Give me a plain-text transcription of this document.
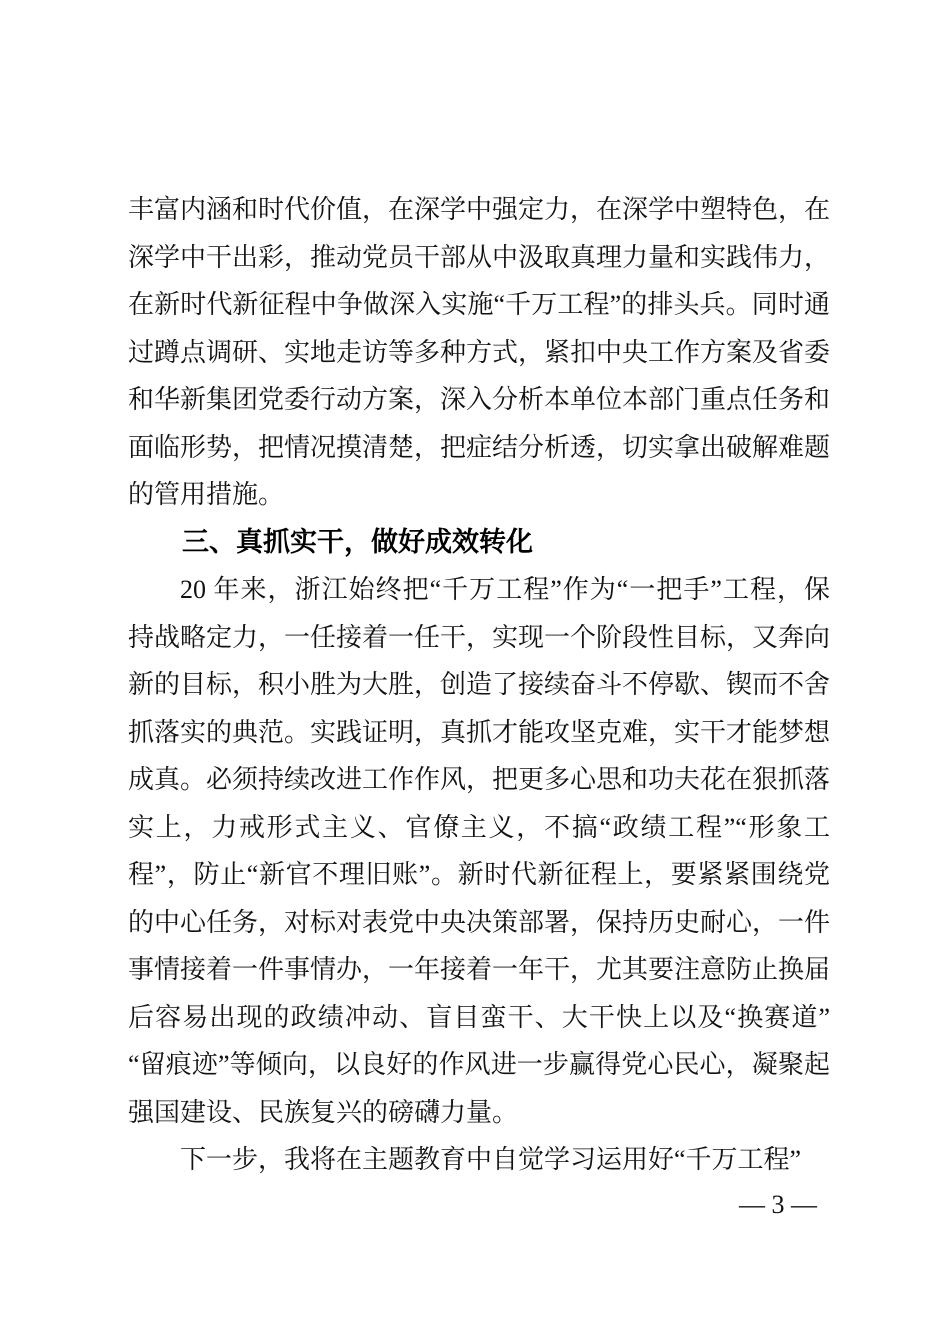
丰富内涵和时代价值，在深学中强定力，在深学中塑特色，在深学中干出彩，推动党员干部从中汲取真理力量和实践伟力，在新时代新征程中争做深入实施“千万工程”的排头兵。同时通过蹲点调研、实地走访等多种方式，紧扣中央工作方案及省委和华新集团党委行动方案，深入分析本单位本部门重点任务和面临形势，把情况摸清楚，把症结分析透，切实拿出破解难题的管用措施。

三、真抓实干，做好成效转化

20 年来，浙江始终把“千万工程”作为“一把手”工程，保持战略定力，一任接着一任干，实现一个阶段性目标，又奔向新的目标，积小胜为大胜，创造了接续奋斗不停歇、锲而不舍抓落实的典范。实践证明，真抓才能攻坚克难，实干才能梦想成真。必须持续改进工作作风，把更多心思和功夫花在狠抓落实上，力戒形式主义、官僚主义，不搞“政绩工程”“形象工程”，防止“新官不理旧账”。新时代新征程上，要紧紧围绕党的中心任务，对标对表党中央决策部署，保持历史耐心，一件事情接着一件事情办，一年接着一年干，尤其要注意防止换届后容易出现的政绩冲动、盲目蛮干、大干快上以及“换赛道”“留痕迹”等倾向，以良好的作风进一步赢得党心民心，凝聚起强国建设、民族复兴的磅礴力量。

下一步，我将在主题教育中自觉学习运用好“千万工程”

— 3 —
